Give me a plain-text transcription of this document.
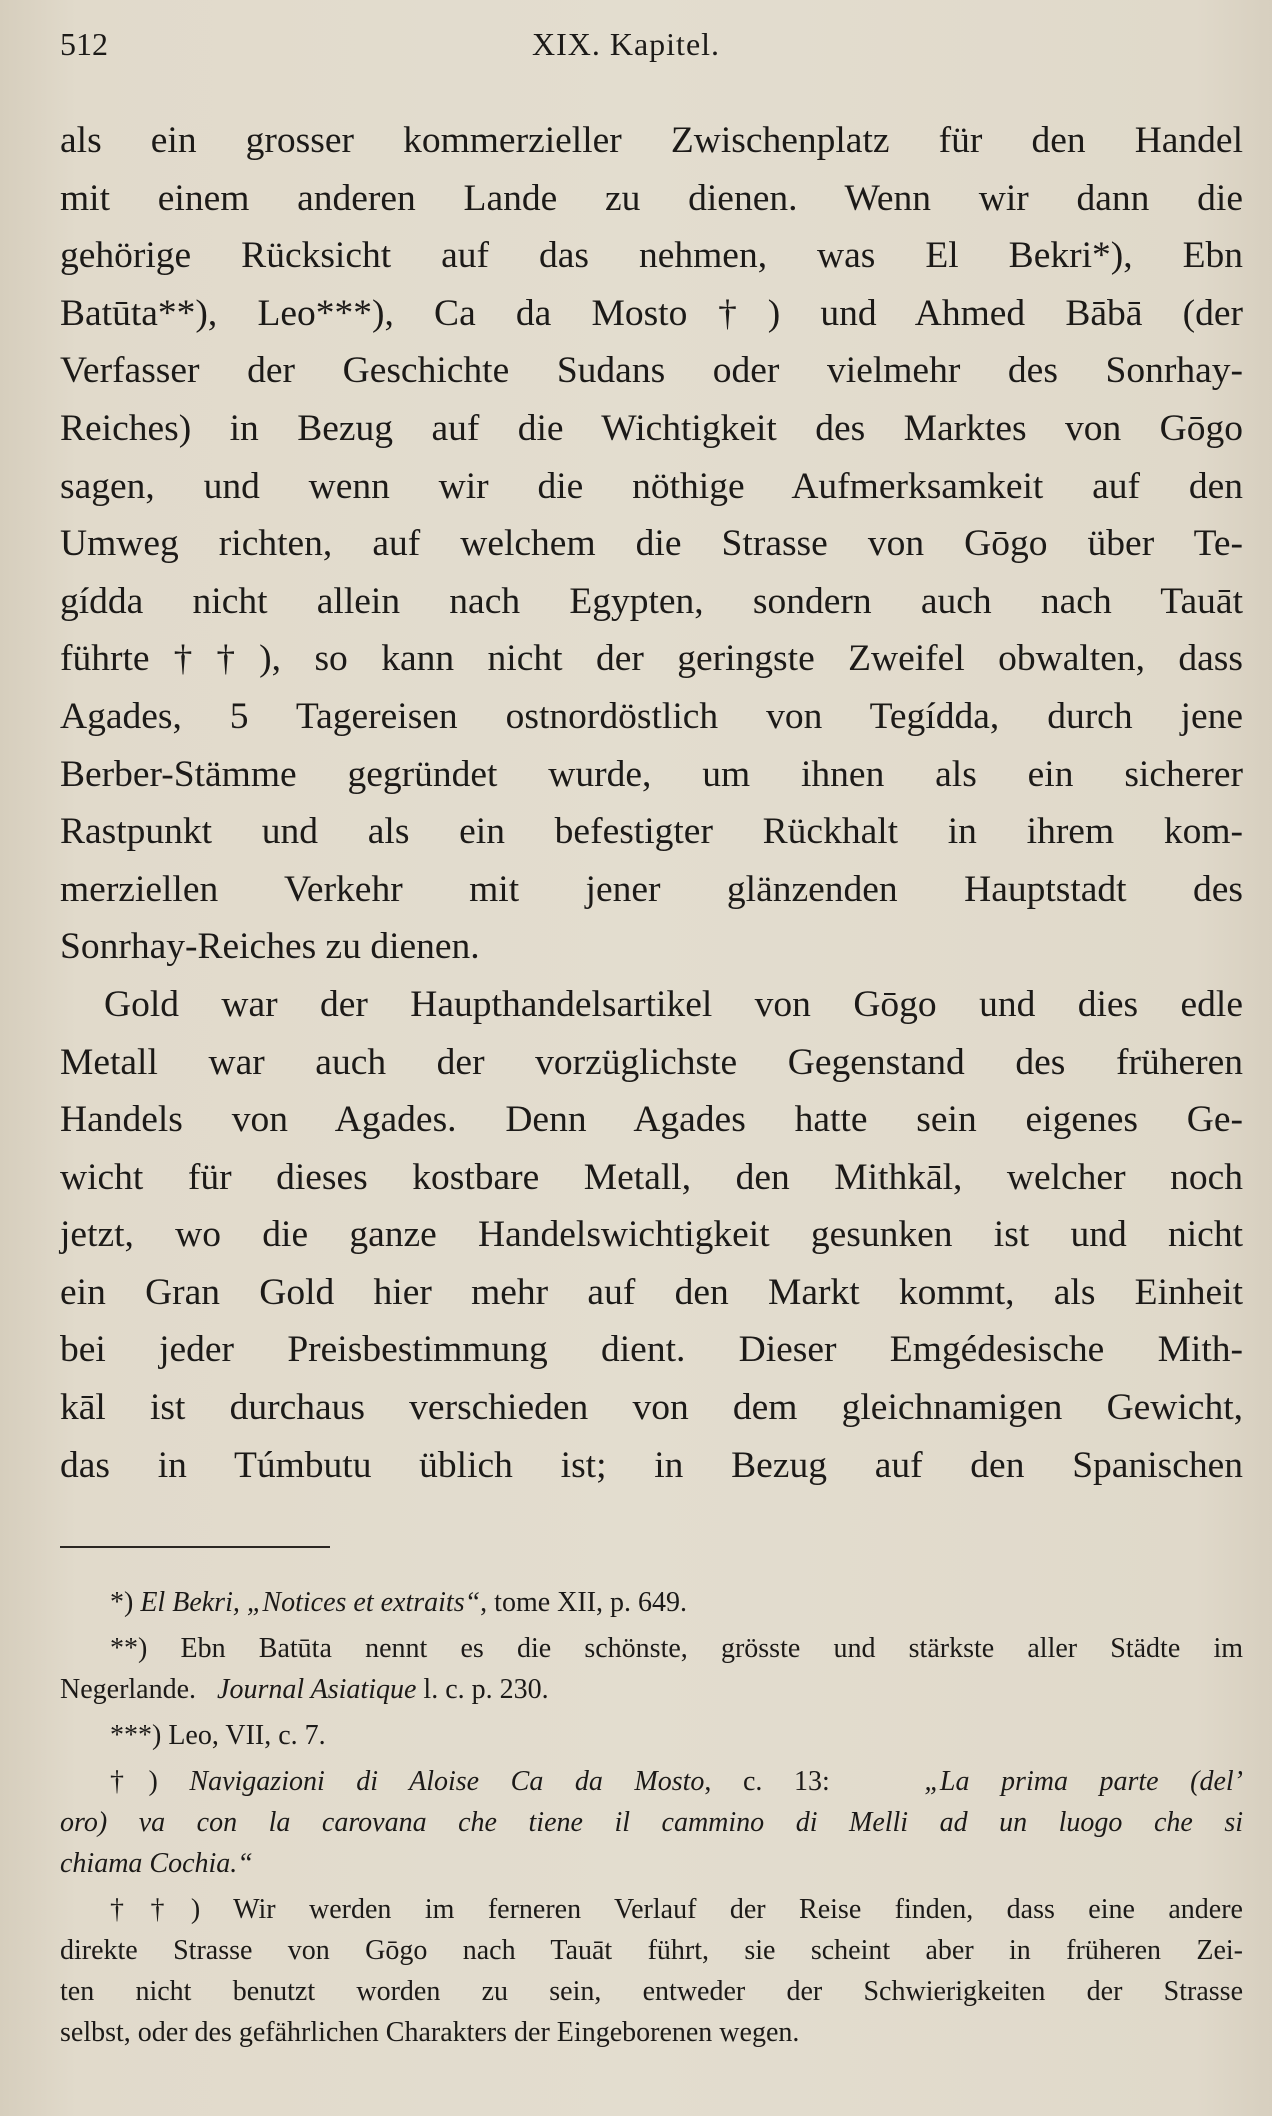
512	XIX. Kapitel.
als ein grosser kommerzieller Zwischenplatz für den Handel
mit einem anderen Lande zu dienen. Wenn wir dann die
gehörige Rücksicht auf das nehmen, was El Bekri*), Ebn
Batūta**), Leo***), Ca da Mosto†) und Ahmed Bābā (der
Verfasser der Geschichte Sudans oder vielmehr des Sonrhay-
Reiches) in Bezug auf die Wichtigkeit des Marktes von Gōgo
sagen, und wenn wir die nöthige Aufmerksamkeit auf den
Umweg richten, auf welchem die Strasse von Gōgo über Te-
gídda nicht allein nach Egypten, sondern auch nach Tauāt
führte††), so kann nicht der geringste Zweifel obwalten, dass
Agades, 5 Tagereisen ostnordöstlich von Tegídda, durch jene
Berber-Stämme gegründet wurde, um ihnen als ein sicherer
Rastpunkt und als ein befestigter Rückhalt in ihrem kom-
merziellen Verkehr mit jener glänzenden Hauptstadt des
Sonrhay-Reiches zu dienen.
Gold war der Haupthandelsartikel von Gōgo und dies edle
Metall war auch der vorzüglichste Gegenstand des früheren
Handels von Agades. Denn Agades hatte sein eigenes Ge-
wicht für dieses kostbare Metall, den Mithkāl, welcher noch
jetzt, wo die ganze Handelswichtigkeit gesunken ist und nicht
ein Gran Gold hier mehr auf den Markt kommt, als Einheit
bei jeder Preisbestimmung dient. Dieser Emgédesische Mith-
kāl ist durchaus verschieden von dem gleichnamigen Gewicht,
das in Túmbutu üblich ist; in Bezug auf den Spanischen
*) El Bekri, „Notices et extraits“, tome XII, p. 649.
**) Ebn Batūta nennt es die schönste, grösste und stärkste aller Städte im
Negerlande. Journal Asiatique l. c. p. 230.
***) Leo, VII, c. 7.
†) Navigazioni di Aloise Ca da Mosto, c. 13:	„La prima parte (del’
oro) va con la carovana che tiene il cammino di Melli ad un luogo che si
chiama Cochia.“
††) Wir werden im ferneren Verlauf der Reise finden, dass eine andere
direkte Strasse von Gōgo nach Tauāt führt, sie scheint aber in früheren Zei-
ten nicht benutzt worden zu sein, entweder der Schwierigkeiten der Strasse
selbst, oder des gefährlichen Charakters der Eingeborenen wegen.
